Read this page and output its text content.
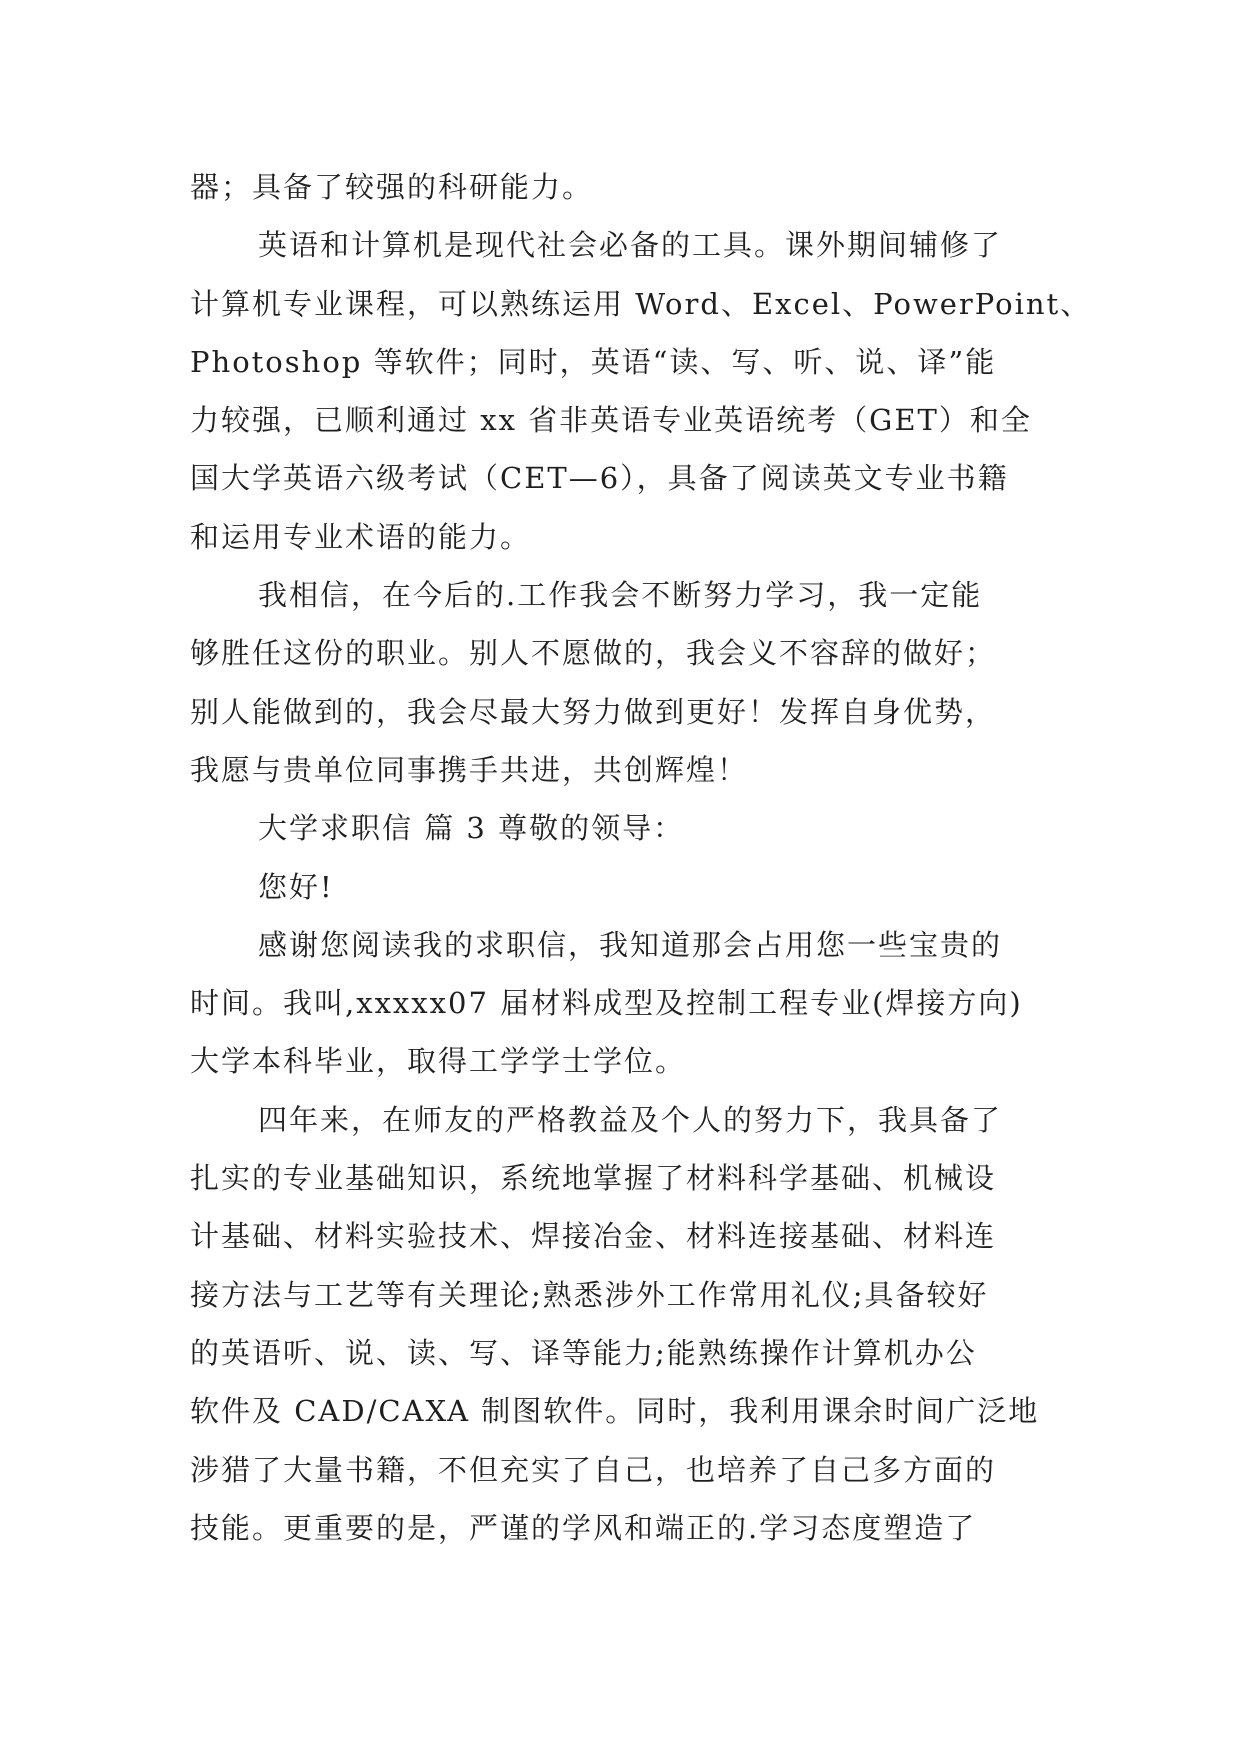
器；具备了较强的科研能力。
英语和计算机是现代社会必备的工具。课外期间辅修了
计算机专业课程，可以熟练运用 Word、Excel、PowerPoint、
Photoshop 等软件；同时，英语“读、写、听、说、译”能
力较强，已顺利通过 xx 省非英语专业英语统考（GET）和全
国大学英语六级考试（CET—6），具备了阅读英文专业书籍
和运用专业术语的能力。
我相信，在今后的.工作我会不断努力学习，我一定能
够胜任这份的职业。别人不愿做的，我会义不容辞的做好；
别人能做到的，我会尽最大努力做到更好！发挥自身优势，
我愿与贵单位同事携手共进，共创辉煌！
大学求职信 篇 3 尊敬的领导：
您好!
感谢您阅读我的求职信，我知道那会占用您一些宝贵的
时间。我叫,xxxxx07 届材料成型及控制工程专业(焊接方向)
大学本科毕业，取得工学学士学位。
四年来，在师友的严格教益及个人的努力下，我具备了
扎实的专业基础知识，系统地掌握了材料科学基础、机械设
计基础、材料实验技术、焊接冶金、材料连接基础、材料连
接方法与工艺等有关理论;熟悉涉外工作常用礼仪;具备较好
的英语听、说、读、写、译等能力;能熟练操作计算机办公
软件及 CAD/CAXA 制图软件。同时，我利用课余时间广泛地
涉猎了大量书籍，不但充实了自己，也培养了自己多方面的
技能。更重要的是，严谨的学风和端正的.学习态度塑造了
